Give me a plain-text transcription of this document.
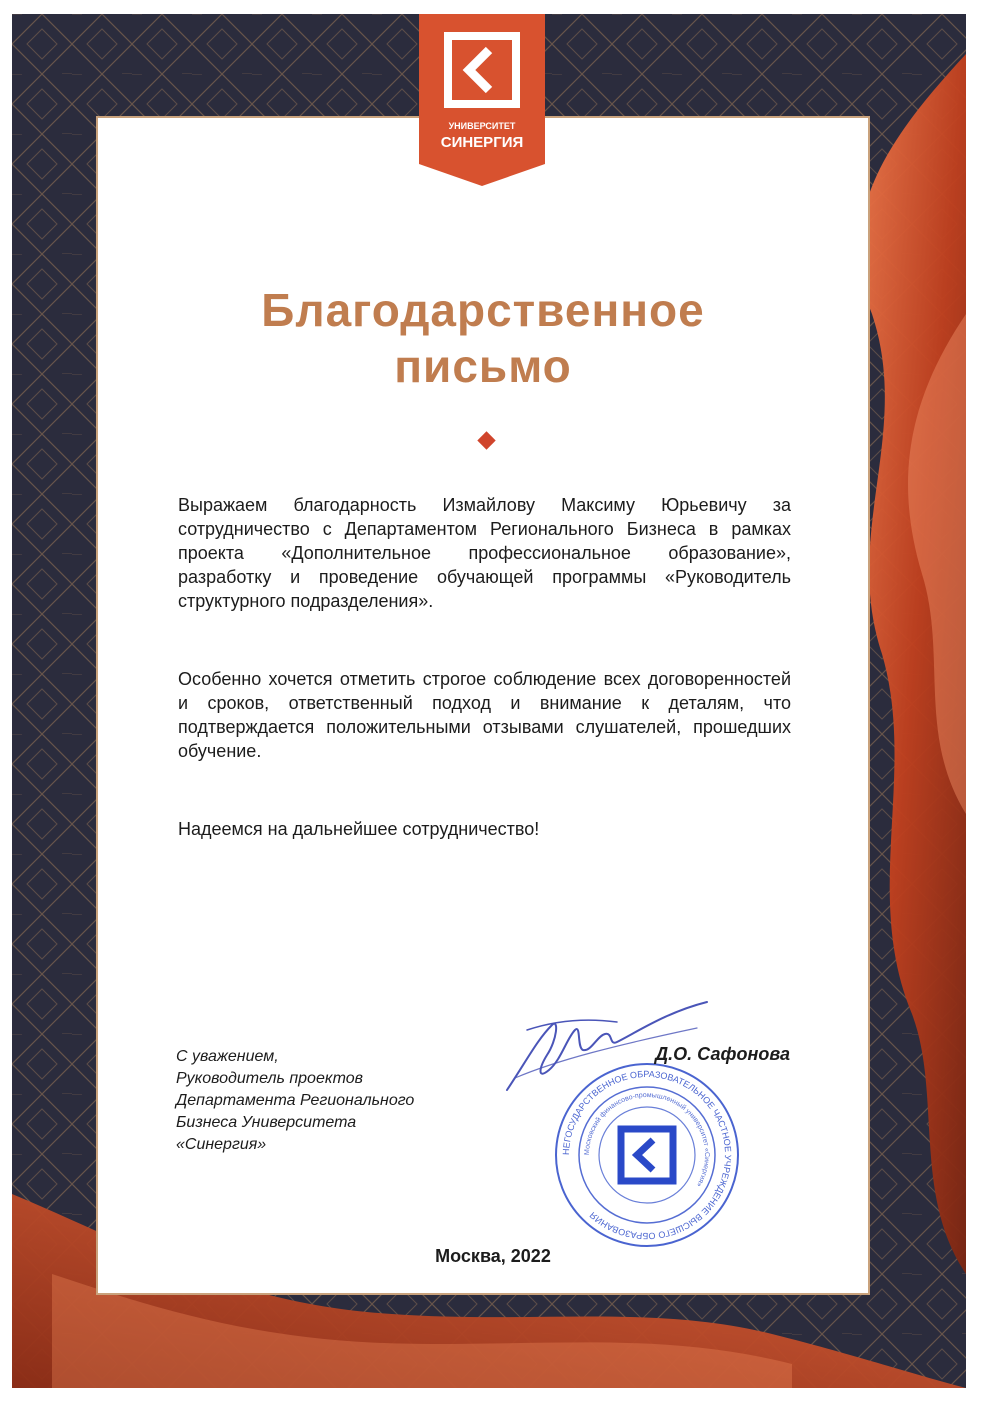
УНИВЕРСИТЕТ
СИНЕРГИЯ
Благодарственное
письмо

Выражаем благодарность Измайлову Максиму Юрьевичу за сотрудничество с Департаментом Регионального Бизнеса в рамках проекта «Дополнительное профессиональное образование», разработку и проведение обучающей программы «Руководитель структурного подразделения».

Особенно хочется отметить строгое соблюдение всех договоренностей и сроков, ответственный подход и внимание к деталям, что подтверждается положительными отзывами слушателей, прошедших обучение.

Надеемся на дальнейшее сотрудничество!

С уважением,
Руководитель проектов
Департамента Регионального
Бизнеса Университета
«Синергия»	НЕГОСУДАРСТВЕННОЕ ОБРАЗОВАТЕЛЬНОЕ ЧАСТНОЕ УЧРЕЖДЕНИЕ ВЫСШЕГО ОБРАЗОВАНИЯ
Московский финансово-промышленный университет «Синергия»
Д.О. Сафонова
Москва, 2022
